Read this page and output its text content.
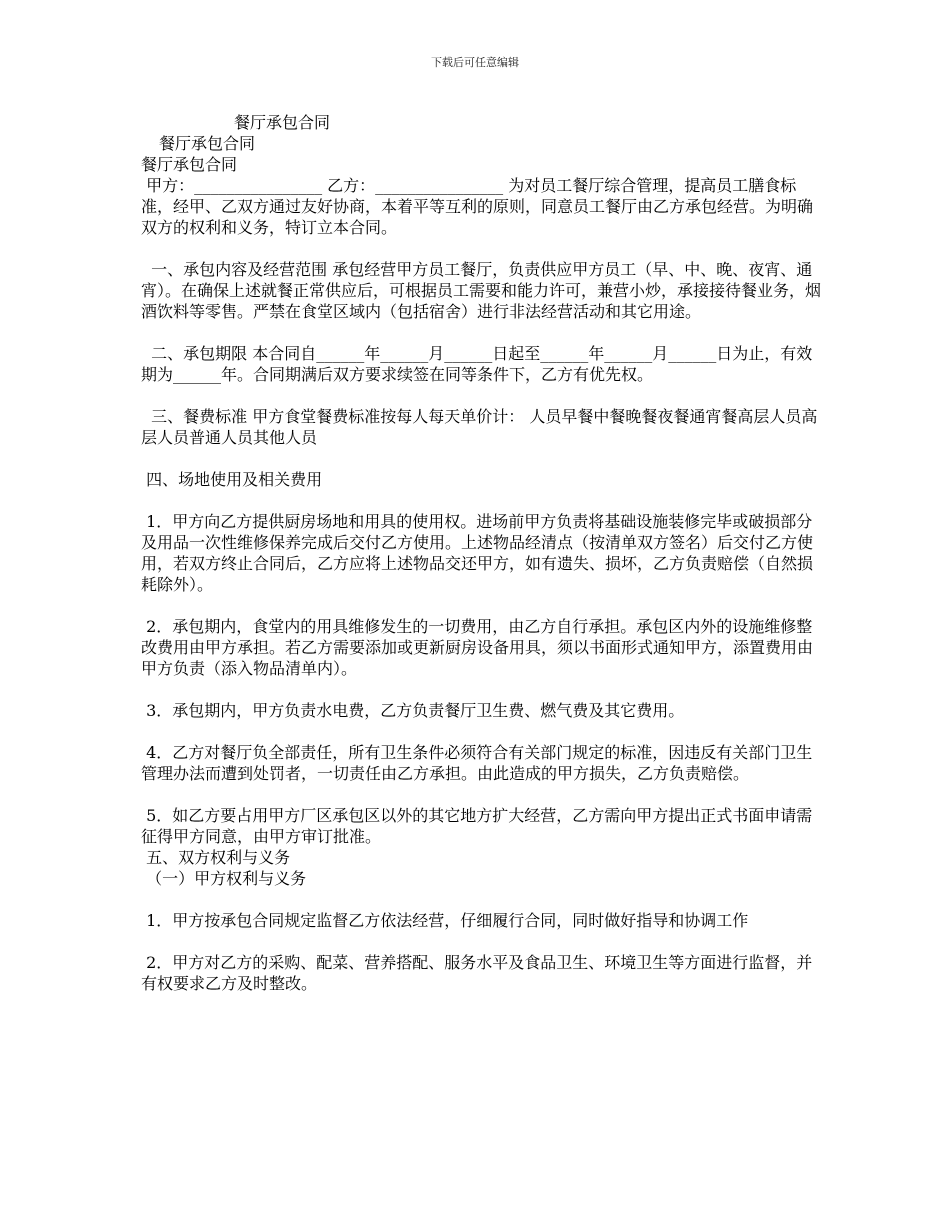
下载后可任意编辑

餐厅承包合同

餐厅承包合同

餐厅承包合同

甲方：________________ 乙方：________________ 为对员工餐厅综合管理，提高员工膳食标准，经甲、乙双方通过友好协商，本着平等互利的原则，同意员工餐厅由乙方承包经营。为明确双方的权利和义务，特订立本合同。

一、承包内容及经营范围 承包经营甲方员工餐厅，负责供应甲方员工（早、中、晚、夜宵、通宵）。在确保上述就餐正常供应后，可根据员工需要和能力许可，兼营小炒，承接接待餐业务，烟酒饮料等零售。严禁在食堂区域内（包括宿舍）进行非法经营活动和其它用途。

二、承包期限 本合同自______年______月______日起至______年______月______日为止，有效期为______年。合同期满后双方要求续签在同等条件下，乙方有优先权。

三、餐费标准 甲方食堂餐费标准按每人每天单价计： 人员早餐中餐晚餐夜餐通宵餐高层人员高层人员普通人员其他人员

四、场地使用及相关费用

1．甲方向乙方提供厨房场地和用具的使用权。进场前甲方负责将基础设施装修完毕或破损部分及用品一次性维修保养完成后交付乙方使用。上述物品经清点（按清单双方签名）后交付乙方使用，若双方终止合同后，乙方应将上述物品交还甲方，如有遗失、损坏，乙方负责赔偿（自然损耗除外）。

2．承包期内，食堂内的用具维修发生的一切费用，由乙方自行承担。承包区内外的设施维修整改费用由甲方承担。若乙方需要添加或更新厨房设备用具，须以书面形式通知甲方，添置费用由甲方负责（添入物品清单内）。

3．承包期内，甲方负责水电费，乙方负责餐厅卫生费、燃气费及其它费用。

4．乙方对餐厅负全部责任，所有卫生条件必须符合有关部门规定的标准，因违反有关部门卫生管理办法而遭到处罚者，一切责任由乙方承担。由此造成的甲方损失，乙方负责赔偿。

5．如乙方要占用甲方厂区承包区以外的其它地方扩大经营，乙方需向甲方提出正式书面申请需征得甲方同意，由甲方审订批准。

五、双方权利与义务

（一）甲方权利与义务

1．甲方按承包合同规定监督乙方依法经营，仔细履行合同，同时做好指导和协调工作

2．甲方对乙方的采购、配菜、营养搭配、服务水平及食品卫生、环境卫生等方面进行监督，并有权要求乙方及时整改。
